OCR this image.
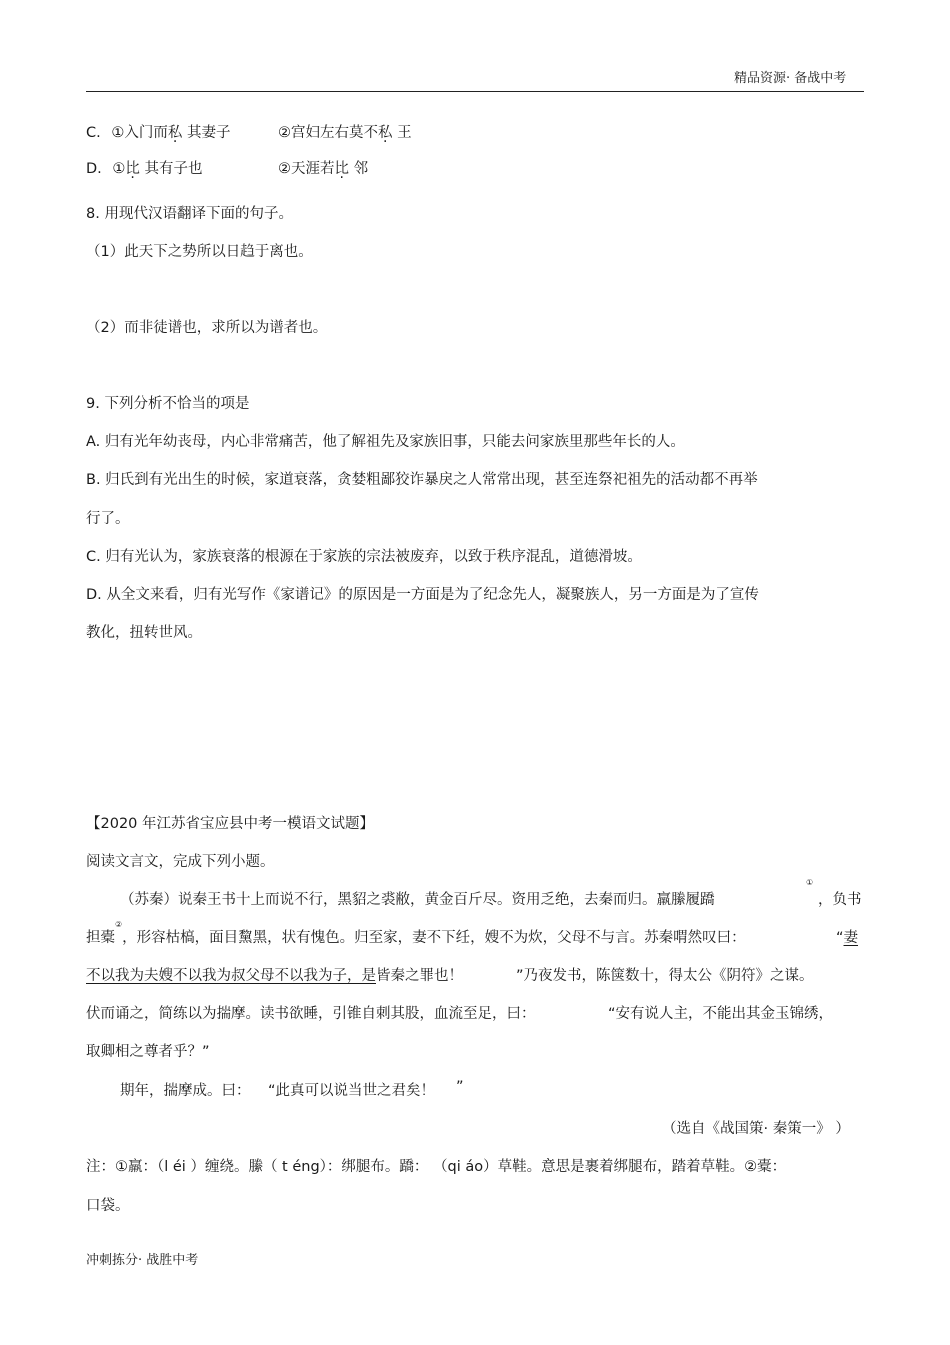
精品资源· 备战中考
C. ①入门而私 其妻子	②宫妇左右莫不私 王
D. ①比 其有子也	②天涯若比 邻
8. 用现代汉语翻译下面的句子。
（1）此天下之势所以日趋于离也。
（2）而非徒谱也，求所以为谱者也。
9. 下列分析不恰当的项是
A. 归有光年幼丧母，内心非常痛苦，他了解祖先及家族旧事，只能去问家族里那些年长的人。
B. 归氏到有光出生的时候，家道衰落，贪婪粗鄙狡诈暴戾之人常常出现，甚至连祭祀祖先的活动都不再举
行了。
C. 归有光认为，家族衰落的根源在于家族的宗法被废弃，以致于秩序混乱，道德滑坡。
D. 从全文来看，归有光写作《家谱记》的原因是一方面是为了纪念先人，凝聚族人，另一方面是为了宣传
教化，扭转世风。
【2020 年江苏省宝应县中考一模语文试题】
阅读文言文，完成下列小题。
（苏秦）说秦王书十上而说不行，黑貂之裘敝，黄金百斤尽。资用乏绝，去秦而归。羸縢履蹻
①
，负书
担橐②，形容枯槁，面目黧黑，状有愧色。归至家，妻不下纴，嫂不为炊，父母不与言。苏秦喟然叹曰：	“妻
不以我为夫嫂不以我为叔父母不以我为子，是皆秦之罪也！	”乃夜发书，陈箧数十，得太公《阴符》之谋。
伏而诵之，简练以为揣摩。读书欲睡，引锥自刺其股，血流至足，曰：	“安有说人主，不能出其金玉锦绣，
取卿相之尊者乎？”
期年，揣摩成。曰： “此真可以说当世之君矣！ ”
（选自《战国策· 秦策一》 ）
注：①羸：（l éi ）缠绕。縢（ t éng）：绑腿布。蹻： （qi áo）草鞋。意思是裹着绑腿布，踏着草鞋。②橐：
口袋。
冲刺拣分· 战胜中考
